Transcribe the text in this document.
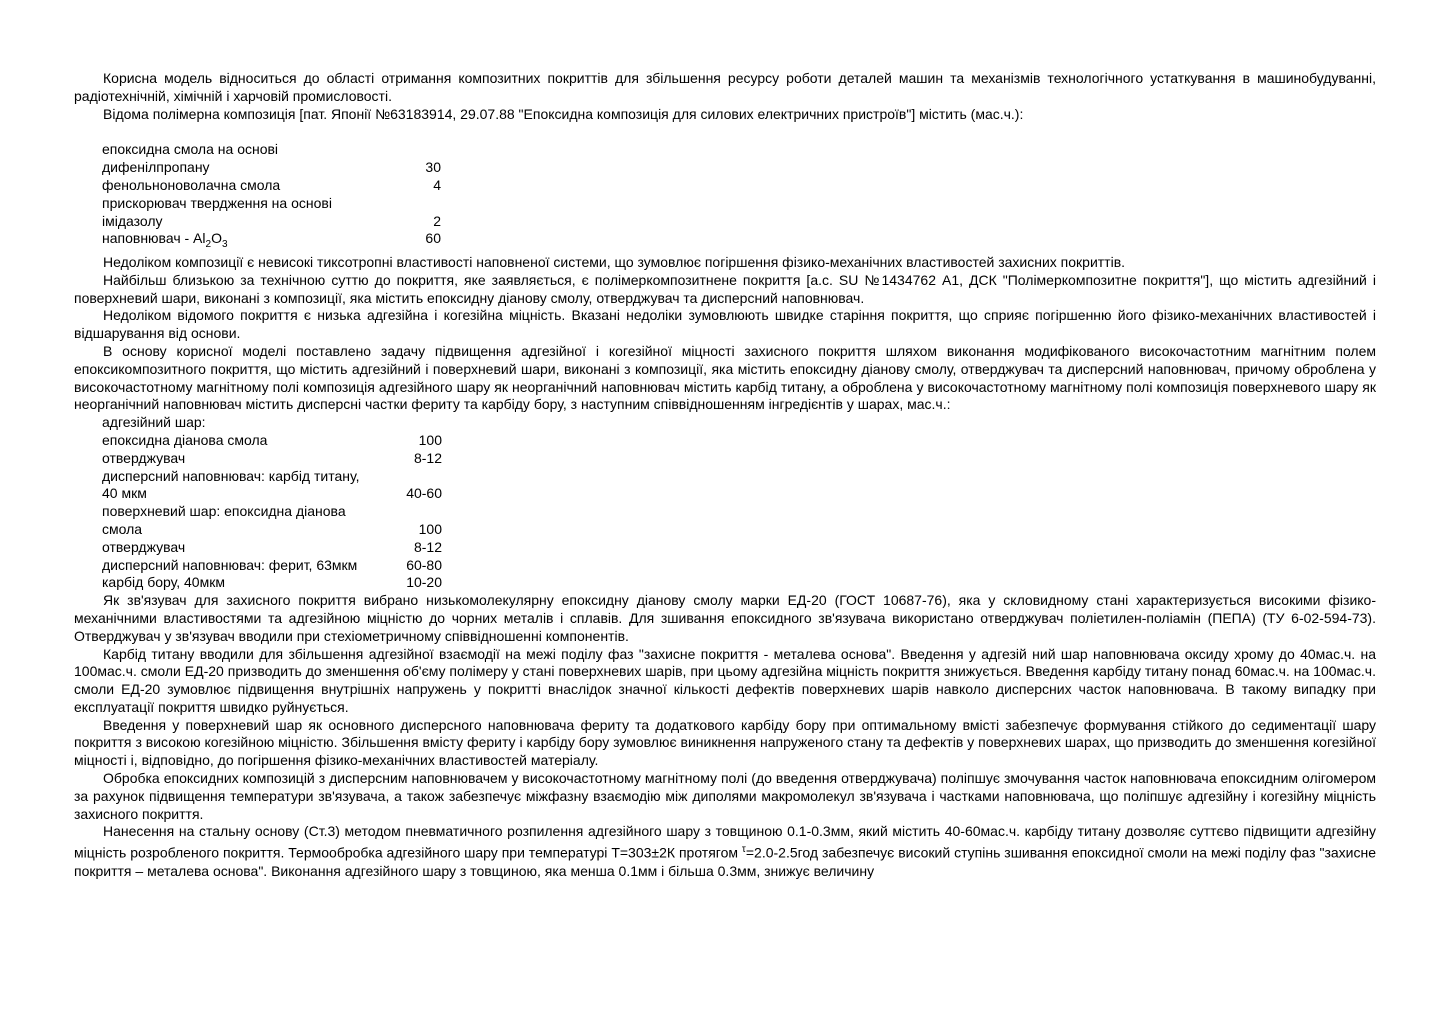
Корисна модель відноситься до області отримання композитних покриттів для збільшення ресурсу роботи деталей машин та механізмів технологічного устаткування в машинобудуванні, радіотехнічній, хімічній і харчовій промисловості.

Відома полімерна композиція [пат. Японії №63183914, 29.07.88 "Епоксидна композиція для силових електричних пристроїв"] містить (мас.ч.):

епоксидна смола на основі	
дифенілпропану	30
фенольноноволачна смола	4
прискорювач твердження на основі	
імідазолу	2
наповнювач - $Al_2O_3$	60

Недоліком композиції є невисокі тиксотропні властивості наповненої системи, що зумовлює погіршення фізико-механічних властивостей захисних покриттів.

Найбільш близькою за технічною суттю до покриття, яке заявляється, є полімеркомпозитнене покриття [а.с. SU №1434762 А1, ДСК "Полімеркомпозитне покриття"], що містить адгезійний і поверхневий шари, виконані з композиції, яка містить епоксидну діанову смолу, отверджувач та дисперсний наповнювач.

Недоліком відомого покриття є низька адгезійна і когезійна міцність. Вказані недоліки зумовлюють швидке старіння покриття, що сприяє погіршенню його фізико-механічних властивостей і відшарування від основи.

В основу корисної моделі поставлено задачу підвищення адгезійної і когезійної міцності захисного покриття шляхом виконання модифікованого високочастотним магнітним полем епоксикомпозитного покриття, що містить адгезійний і поверхневий шари, виконані з композиції, яка містить епоксидну діанову смолу, отверджувач та дисперсний наповнювач, причому оброблена у високочастотному магнітному полі композиція адгезійного шару як неорганічний наповнювач містить карбід титану, а оброблена у високочастотному магнітному полі композиція поверхневого шару як неорганічний наповнювач містить дисперсні частки фериту та карбіду бору, з наступним співвідношенням інгредієнтів у шарах, мас.ч.:

адгезійний шар:
епоксидна діанова смола	100
отверджувач	8-12
дисперсний наповнювач: карбід титану,	
40 мкм	40-60
поверхневий шар: епоксидна діанова	
смола	100
отверджувач	8-12
дисперсний наповнювач: ферит, 63мкм	60-80
карбід бору, 40мкм	10-20

Як зв'язувач для захисного покриття вибрано низькомолекулярну епоксидну діанову смолу марки ЕД-20 (ГОСТ 10687-76), яка у скловидному стані характеризується високими фізико-механічними властивостями та адгезійною міцністю до чорних металів і сплавів. Для зшивання епоксидного зв'язувача використано отверджувач поліетилен-поліамін (ПЕПА) (ТУ 6-02-594-73). Отверджувач у зв'язувач вводили при стехіометричному співвідношенні компонентів.

Карбід титану вводили для збільшення адгезійної взаємодії на межі поділу фаз "захисне покриття - металева основа". Введення у адгезій ний шар наповнювача оксиду хрому до 40мас.ч. на 100мас.ч. смоли ЕД-20 призводить до зменшення об'єму полімеру у стані поверхневих шарів, при цьому адгезійна міцність покриття знижується. Введення карбіду титану понад 60мас.ч. на 100мас.ч. смоли ЕД-20 зумовлює підвищення внутрішніх напружень у покритті внаслідок значної кількості дефектів поверхневих шарів навколо дисперсних часток наповнювача. В такому випадку при експлуатації покриття швидко руйнується.

Введення у поверхневий шар як основного дисперсного наповнювача фериту та додаткового карбіду бору при оптимальному вмісті забезпечує формування стійкого до седиментації шару покриття з високою когезійною міцністю. Збільшення вмісту фериту і карбіду бору зумовлює виникнення напруженого стану та дефектів у поверхневих шарах, що призводить до зменшення когезійної міцності і, відповідно, до погіршення фізико-механічних властивостей матеріалу.

Обробка епоксидних композицій з дисперсним наповнювачем у високочастотному магнітному полі (до введення отверджувача) поліпшує змочування часток наповнювача епоксидним олігомером за рахунок підвищення температури зв'язувача, а також забезпечує міжфазну взаємодію між диполями макромолекул зв'язувача і частками наповнювача, що поліпшує адгезійну і когезійну міцність захисного покриття.

Нанесення на стальну основу (Ст.3) методом пневматичного розпилення адгезійного шару з товщиною 0.1-0.3мм, який містить 40-60мас.ч. карбіду титану дозволяє суттєво підвищити адгезійну міцність розробленого покриття. Термообробка адгезійного шару при температурі Т=303±2К протягом $^\tau$=2.0-2.5год забезпечує високий ступінь зшивання епоксидної смоли на межі поділу фаз "захисне покриття – металева основа". Виконання адгезійного шару з товщиною, яка менша 0.1мм і більша 0.3мм, знижує величину
